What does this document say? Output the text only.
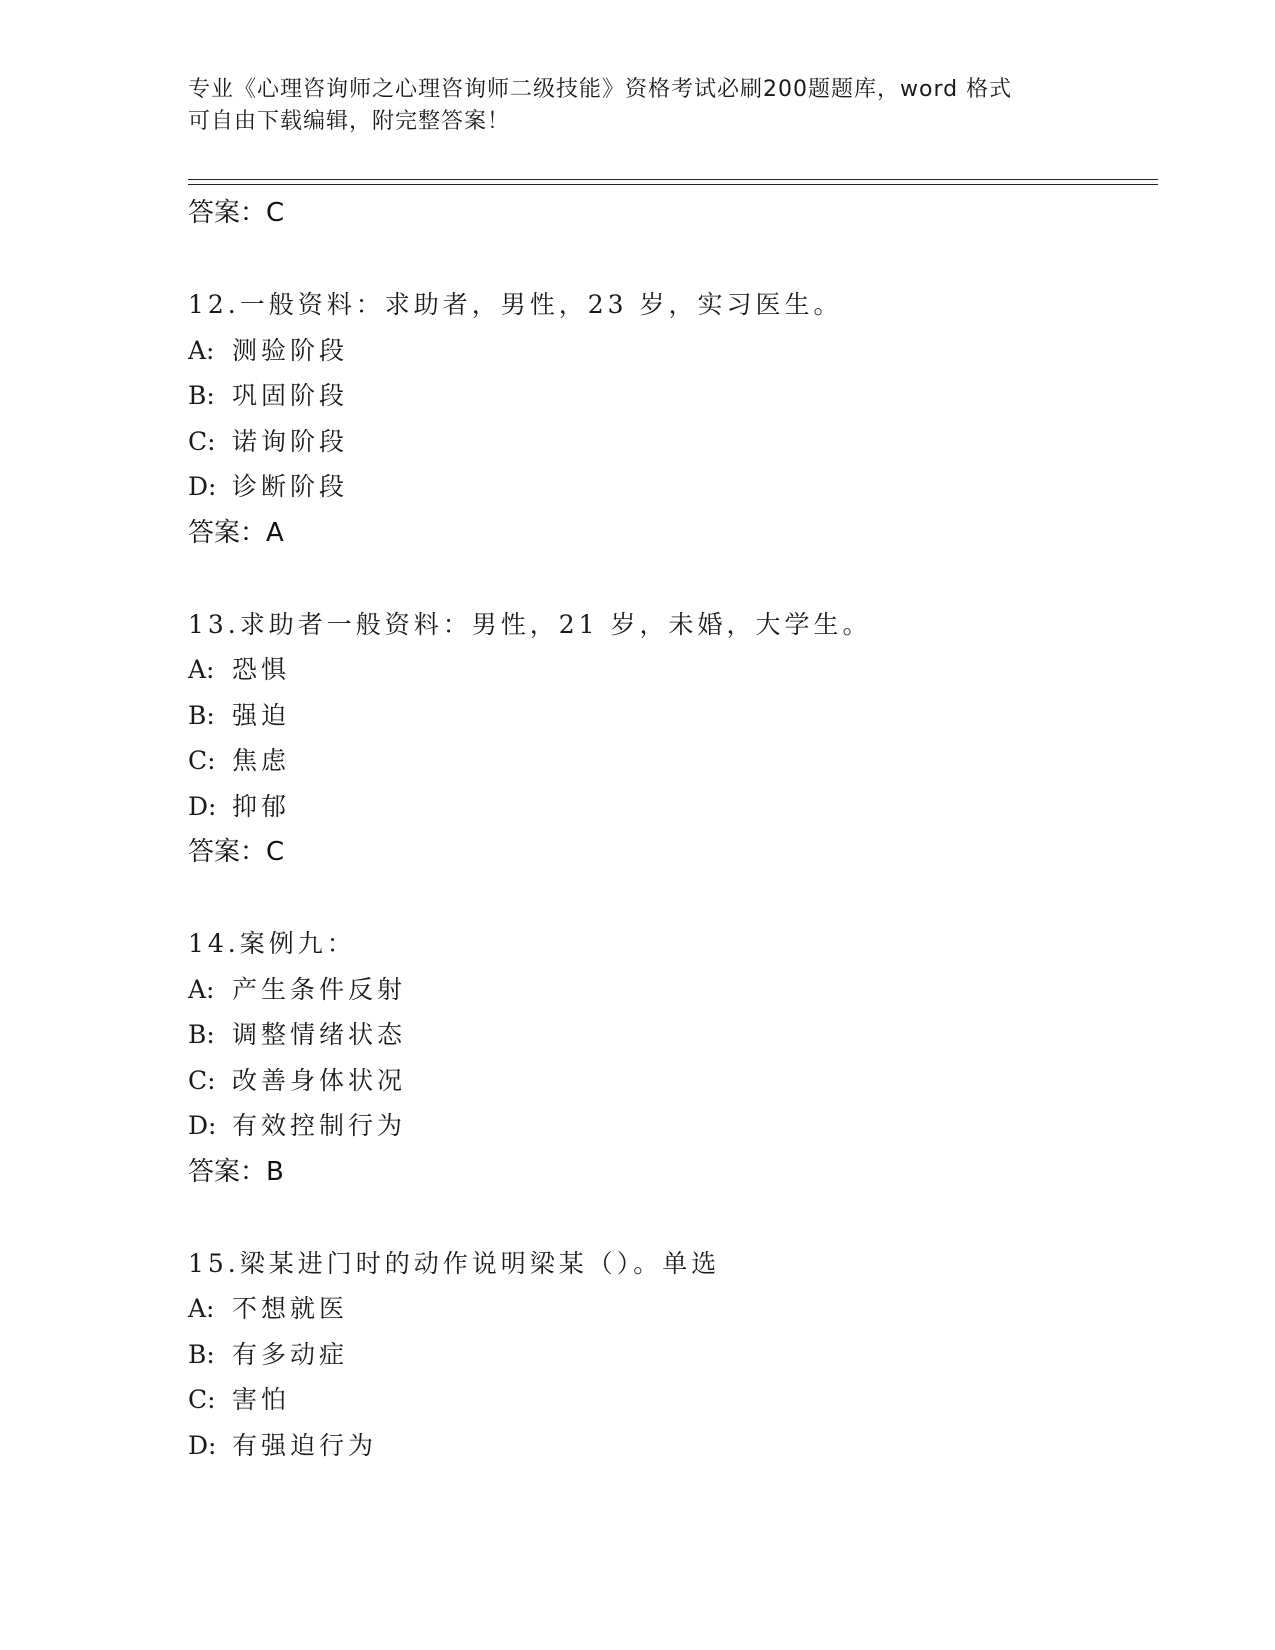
专业《心理咨询师之心理咨询师二级技能》资格考试必刷200题题库，word 格式
可自由下载编辑，附完整答案！
答案：C
12.一般资料：求助者，男性，23 岁，实习医生。
A: 测验阶段
B: 巩固阶段
C: 诺询阶段
D: 诊断阶段
答案：A
13.求助者一般资料：男性，21 岁，未婚，大学生。
A: 恐惧
B: 强迫
C: 焦虑
D: 抑郁
答案：C
14.案例九：
A: 产生条件反射
B: 调整情绪状态
C: 改善身体状况
D: 有效控制行为
答案：B
15.梁某进门时的动作说明梁某（）。单选
A: 不想就医
B: 有多动症
C: 害怕
D: 有强迫行为
